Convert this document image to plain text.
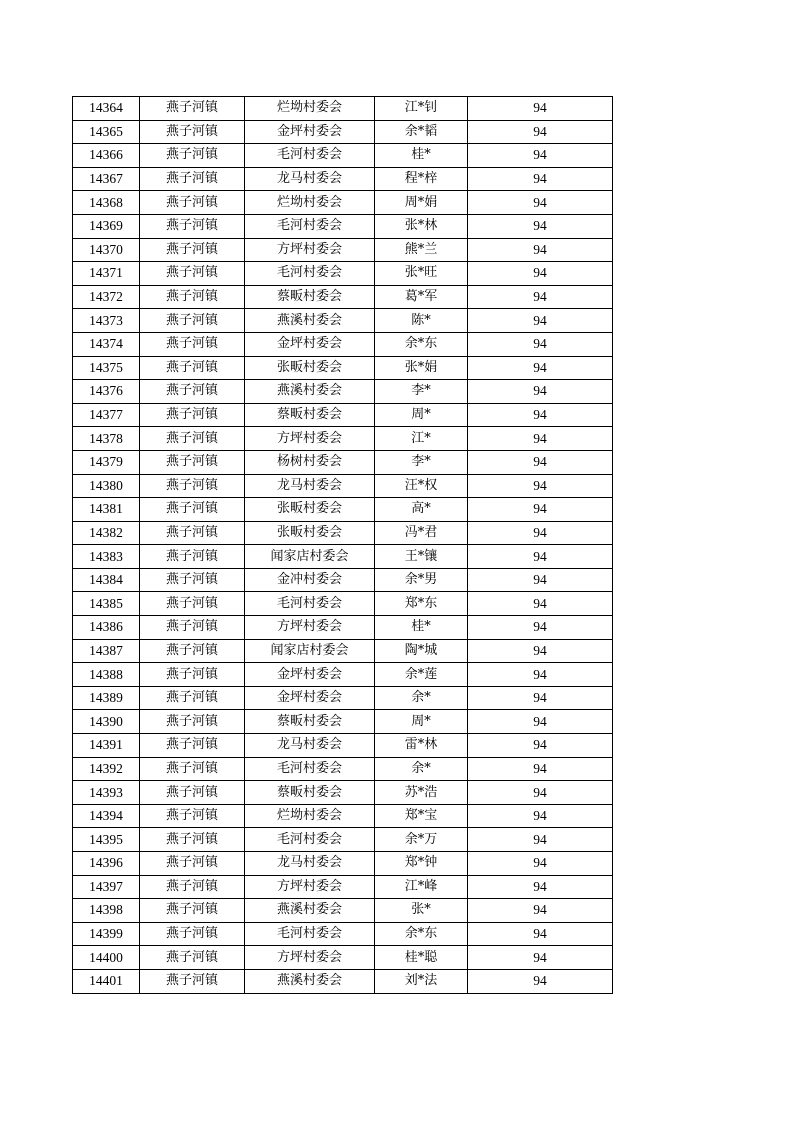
14364	燕子河镇	烂坳村委会	江*钊	94
14365	燕子河镇	金坪村委会	余*韬	94
14366	燕子河镇	毛河村委会	桂*	94
14367	燕子河镇	龙马村委会	程*梓	94
14368	燕子河镇	烂坳村委会	周*娟	94
14369	燕子河镇	毛河村委会	张*林	94
14370	燕子河镇	方坪村委会	熊*兰	94
14371	燕子河镇	毛河村委会	张*旺	94
14372	燕子河镇	蔡畈村委会	葛*军	94
14373	燕子河镇	燕溪村委会	陈*	94
14374	燕子河镇	金坪村委会	余*东	94
14375	燕子河镇	张畈村委会	张*娟	94
14376	燕子河镇	燕溪村委会	李*	94
14377	燕子河镇	蔡畈村委会	周*	94
14378	燕子河镇	方坪村委会	江*	94
14379	燕子河镇	杨树村委会	李*	94
14380	燕子河镇	龙马村委会	汪*权	94
14381	燕子河镇	张畈村委会	高*	94
14382	燕子河镇	张畈村委会	冯*君	94
14383	燕子河镇	闻家店村委会	王*镶	94
14384	燕子河镇	金冲村委会	余*男	94
14385	燕子河镇	毛河村委会	郑*东	94
14386	燕子河镇	方坪村委会	桂*	94
14387	燕子河镇	闻家店村委会	陶*城	94
14388	燕子河镇	金坪村委会	余*莲	94
14389	燕子河镇	金坪村委会	余*	94
14390	燕子河镇	蔡畈村委会	周*	94
14391	燕子河镇	龙马村委会	雷*林	94
14392	燕子河镇	毛河村委会	余*	94
14393	燕子河镇	蔡畈村委会	苏*浩	94
14394	燕子河镇	烂坳村委会	郑*宝	94
14395	燕子河镇	毛河村委会	余*万	94
14396	燕子河镇	龙马村委会	郑*钟	94
14397	燕子河镇	方坪村委会	江*峰	94
14398	燕子河镇	燕溪村委会	张*	94
14399	燕子河镇	毛河村委会	余*东	94
14400	燕子河镇	方坪村委会	桂*聪	94
14401	燕子河镇	燕溪村委会	刘*法	94
